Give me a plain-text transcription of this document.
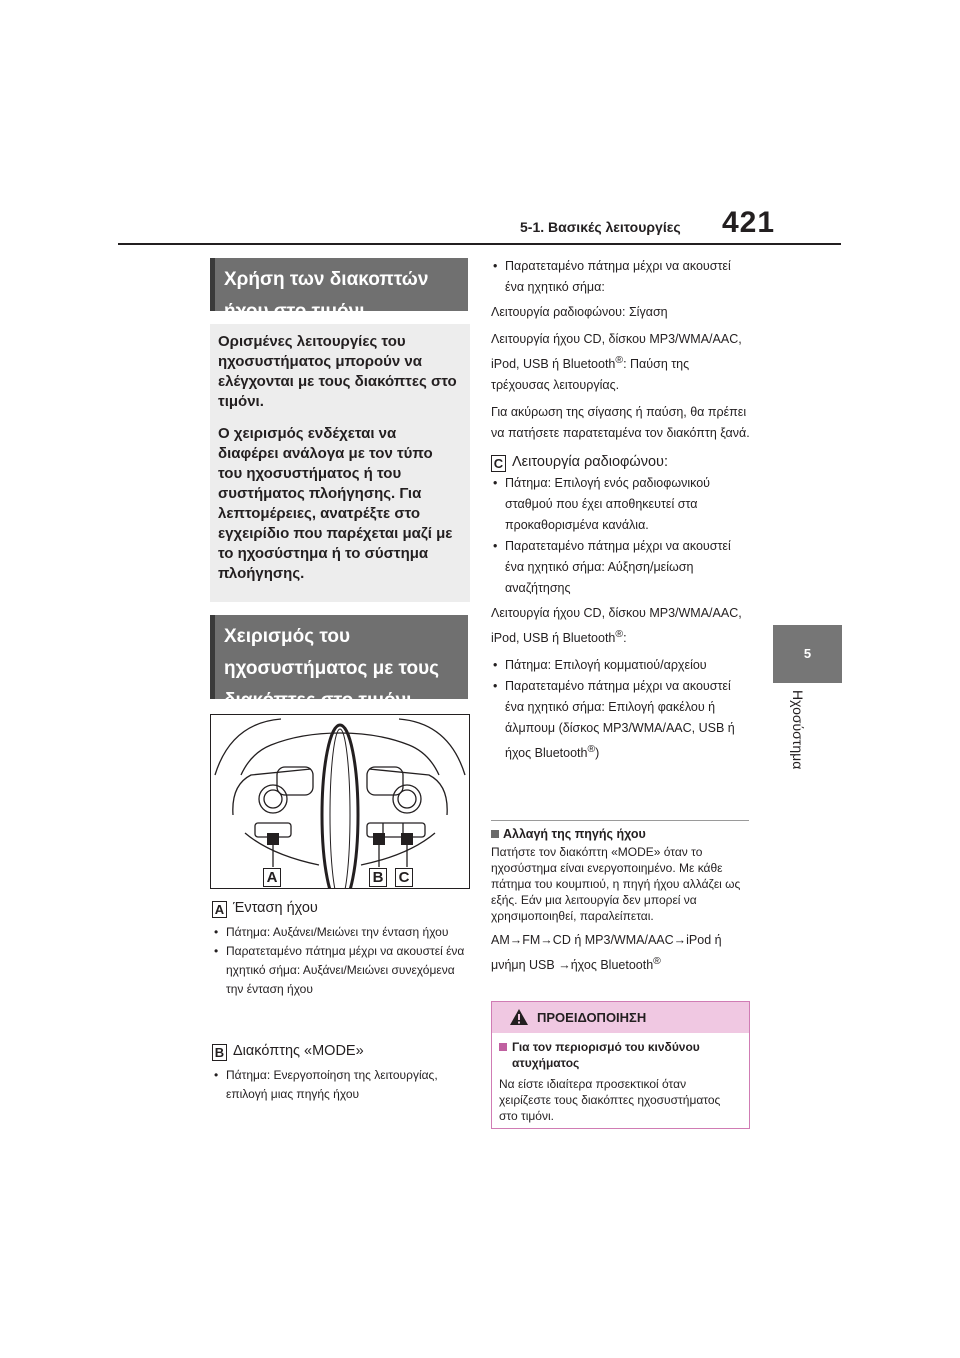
5-1. Βασικές λειτουργίες 421
5
Ηχοσύστημα
Χρήση των διακοπτών ήχου στο τιμόνι

Ορισμένες λειτουργίες του ηχοσυστήματος μπορούν να ελέγχονται με τους διακόπτες στο τιμόνι.

Ο χειρισμός ενδέχεται να διαφέρει ανάλογα με τον τύπο του ηχοσυστήματος ή του συστήματος πλοήγησης. Για λεπτομέρειες, ανατρέξτε στο εγχειρίδιο που παρέχεται μαζί με το ηχοσύστημα ή το σύστημα πλοήγησης.

Χειρισμός του ηχοσυστήματος με τους διακόπτες στο τιμόνι
A	B	C
A Ένταση ήχου
• Πάτημα: Αυξάνει/Μειώνει την ένταση ήχου
• Παρατεταμένο πάτημα μέχρι να ακουστεί ένα ηχητικό σήμα: Αυξάνει/Μειώνει συνεχόμενα την ένταση ήχου
B Διακόπτης «MODE»
• Πάτημα: Ενεργοποίηση της λειτουργίας, επιλογή μιας πηγής ήχου
• Παρατεταμένο πάτημα μέχρι να ακουστεί ένα ηχητικό σήμα:

Λειτουργία ραδιοφώνου: Σίγαση

Λειτουργία ήχου CD, δίσκου MP3/WMA/AAC, iPod, USB ή Bluetooth®: Παύση της τρέχουσας λειτουργίας.

Για ακύρωση της σίγασης ή παύση, θα πρέπει να πατήσετε παρατεταμένα τον διακόπτη ξανά.

C Λειτουργία ραδιοφώνου:
• Πάτημα: Επιλογή ενός ραδιοφωνικού σταθμού που έχει αποθηκευτεί στα προκαθορισμένα κανάλια.
• Παρατεταμένο πάτημα μέχρι να ακουστεί ένα ηχητικό σήμα: Αύξηση/μείωση αναζήτησης

Λειτουργία ήχου CD, δίσκου MP3/WMA/AAC, iPod, USB ή Bluetooth®:

• Πάτημα: Επιλογή κομματιού/αρχείου
• Παρατεταμένο πάτημα μέχρι να ακουστεί ένα ηχητικό σήμα: Επιλογή φακέλου ή άλμπουμ (δίσκος MP3/WMA/AAC, USB ή ήχος Bluetooth®)
Αλλαγή της πηγής ήχου

Πατήστε τον διακόπτη «MODE» όταν το ηχοσύστημα είναι ενεργοποιημένο. Με κάθε πάτημα του κουμπιού, η πηγή ήχου αλλάζει ως εξής. Εάν μια λειτουργία δεν μπορεί να χρησιμοποιηθεί, παραλείπεται.

AM→FM→CD ή MP3/WMA/AAC→iPod ή μνήμη USB →ήχος Bluetooth®

ΠΡΟΕΙΔΟΠΟΙΗΣΗ
Για τον περιορισμό του κινδύνου ατυχήματος

Να είστε ιδιαίτερα προσεκτικοί όταν χειρίζεστε τους διακόπτες ηχοσυστήματος στο τιμόνι.
